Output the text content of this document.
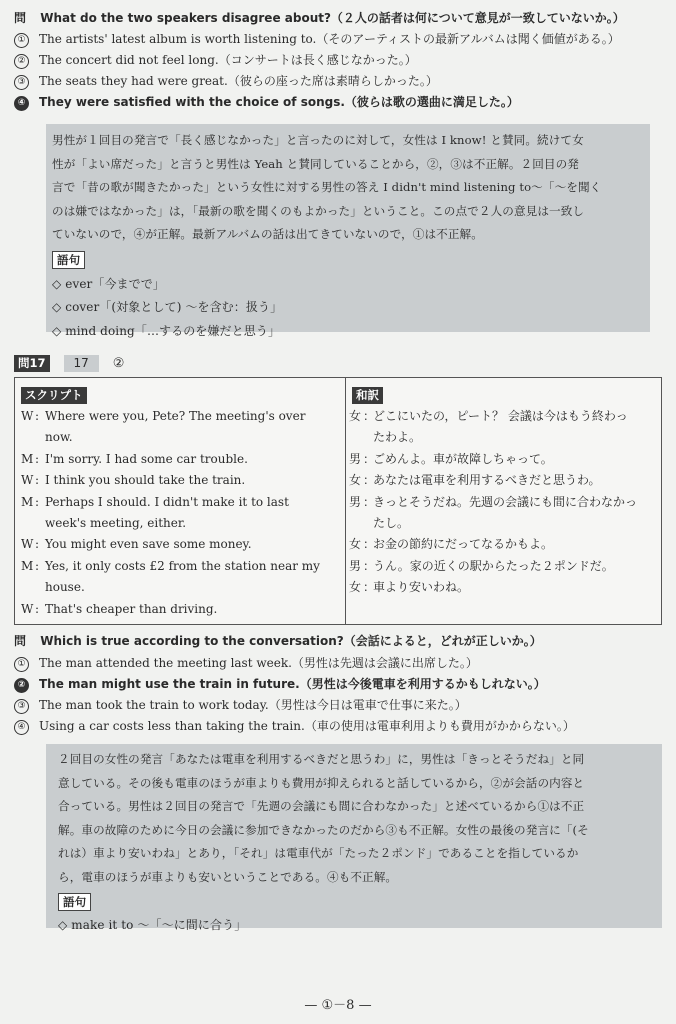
問 What do the two speakers disagree about?（２人の話者は何について意見が一致していないか。）
① The artists' latest album is worth listening to.（そのアーティストの最新アルバムは聞く価値がある。）
② The concert did not feel long.（コンサートは長く感じなかった。）
③ The seats they had were great.（彼らの座った席は素晴らしかった。）
④ They were satisfied with the choice of songs.（彼らは歌の選曲に満足した。）
男性が１回目の発言で「長く感じなかった」と言ったのに対して，女性は I know! と賛同。続けて女
性が「よい席だった」と言うと男性は Yeah と賛同していることから，②，③は不正解。２回目の発
言で「昔の歌が聞きたかった」という女性に対する男性の答え I didn't mind listening to～「～を聞く
のは嫌ではなかった」は，「最新の歌を聞くのもよかった」ということ。この点で２人の意見は一致し
ていないので，④が正解。最新アルバムの話は出てきていないので，①は不正解。
語句
◇ ever「今までで」
◇ cover「(対象として) ～を含む：扱う」
◇ mind doing「…するのを嫌だと思う」
問17 17 ②
スクリプト	和訳
W : Where were you, Pete? The meeting's over
now.
M : I'm sorry. I had some car trouble.
W : I think you should take the train.
M : Perhaps I should. I didn't make it to last
week's meeting, either.
W : You might even save some money.
M : Yes, it only costs £2 from the station near my
house.
W : That's cheaper than driving.
女 ：どこにいたの，ピート？ 会議は今はもう終わっ
たわよ。
男 ：ごめんよ。車が故障しちゃって。
女 ：あなたは電車を利用するべきだと思うわ。
男 ：きっとそうだね。先週の会議にも間に合わなかっ
たし。
女 ：お金の節約にだってなるかもよ。
男 ：うん。家の近くの駅からたった２ポンドだ。
女 ：車より安いわね。
問 Which is true according to the conversation?（会話によると，どれが正しいか。）
① The man attended the meeting last week.（男性は先週は会議に出席した。）
② The man might use the train in future.（男性は今後電車を利用するかもしれない。）
③ The man took the train to work today.（男性は今日は電車で仕事に来た。）
④ Using a car costs less than taking the train.（車の使用は電車利用よりも費用がかからない。）
２回目の女性の発言「あなたは電車を利用するべきだと思うわ」に，男性は「きっとそうだね」と同
意している。その後も電車のほうが車よりも費用が抑えられると話しているから，②が会話の内容と
合っている。男性は２回目の発言で「先週の会議にも間に合わなかった」と述べているから①は不正
解。車の故障のために今日の会議に参加できなかったのだから③も不正解。女性の最後の発言に「(そ
れは）車より安いわね」とあり，「それ」は電車代が「たった２ポンド」であることを指しているか
ら，電車のほうが車よりも安いということである。④も不正解。
語句
◇ make it to ～「～に間に合う」
— ①－8 —
